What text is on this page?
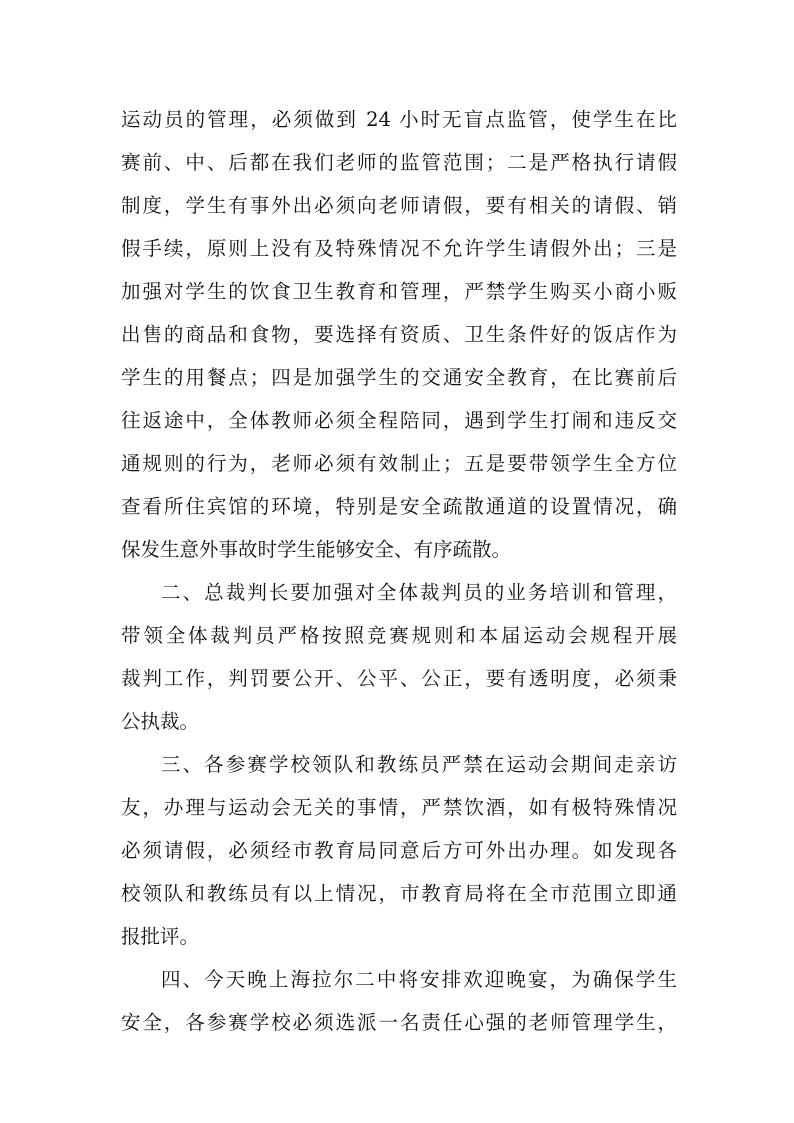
运动员的管理，必须做到 24 小时无盲点监管，使学生在比
赛前、中、后都在我们老师的监管范围；二是严格执行请假
制度，学生有事外出必须向老师请假，要有相关的请假、销
假手续，原则上没有及特殊情况不允许学生请假外出；三是
加强对学生的饮食卫生教育和管理，严禁学生购买小商小贩
出售的商品和食物，要选择有资质、卫生条件好的饭店作为
学生的用餐点；四是加强学生的交通安全教育，在比赛前后
往返途中，全体教师必须全程陪同，遇到学生打闹和违反交
通规则的行为，老师必须有效制止；五是要带领学生全方位
查看所住宾馆的环境，特别是安全疏散通道的设置情况，确
保发生意外事故时学生能够安全、有序疏散。
二、总裁判长要加强对全体裁判员的业务培训和管理，
带领全体裁判员严格按照竞赛规则和本届运动会规程开展
裁判工作，判罚要公开、公平、公正，要有透明度，必须秉
公执裁。
三、各参赛学校领队和教练员严禁在运动会期间走亲访
友，办理与运动会无关的事情，严禁饮酒，如有极特殊情况
必须请假，必须经市教育局同意后方可外出办理。如发现各
校领队和教练员有以上情况，市教育局将在全市范围立即通
报批评。
四、今天晚上海拉尔二中将安排欢迎晚宴，为确保学生
安全，各参赛学校必须选派一名责任心强的老师管理学生，
